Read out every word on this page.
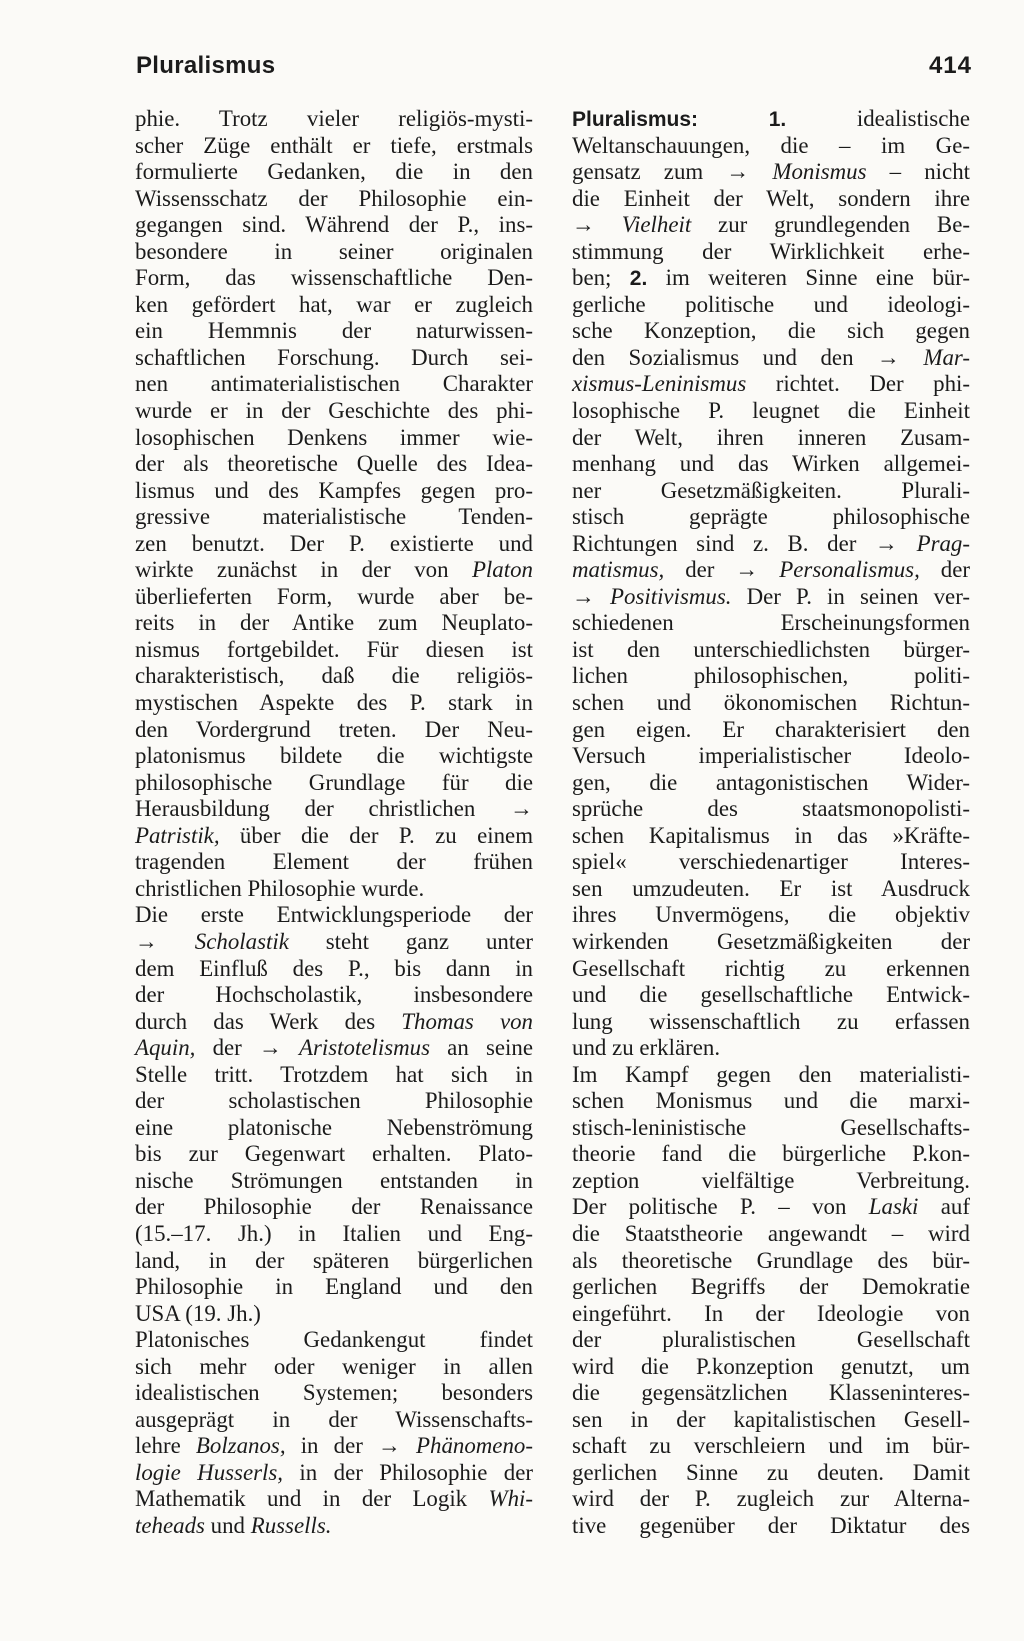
Pluralismus	414
phie. Trotz vieler religiös-mysti-
scher Züge enthält er tiefe, erstmals
formulierte Gedanken, die in den
Wissensschatz der Philosophie ein-
gegangen sind. Während der P., ins-
besondere in seiner originalen
Form, das wissenschaftliche Den-
ken gefördert hat, war er zugleich
ein Hemmnis der naturwissen-
schaftlichen Forschung. Durch sei-
nen antimaterialistischen Charakter
wurde er in der Geschichte des phi-
losophischen Denkens immer wie-
der als theoretische Quelle des Idea-
lismus und des Kampfes gegen pro-
gressive materialistische Tenden-
zen benutzt. Der P. existierte und
wirkte zunächst in der von Platon
überlieferten Form, wurde aber be-
reits in der Antike zum Neuplato-
nismus fortgebildet. Für diesen ist
charakteristisch, daß die religiös-
mystischen Aspekte des P. stark in
den Vordergrund treten. Der Neu-
platonismus bildete die wichtigste
philosophische Grundlage für die
Herausbildung der christlichen →
Patristik, über die der P. zu einem
tragenden Element der frühen
christlichen Philosophie wurde.
Die erste Entwicklungsperiode der
→ Scholastik steht ganz unter
dem Einfluß des P., bis dann in
der Hochscholastik, insbesondere
durch das Werk des Thomas von
Aquin, der → Aristotelismus an seine
Stelle tritt. Trotzdem hat sich in
der scholastischen Philosophie
eine platonische Nebenströmung
bis zur Gegenwart erhalten. Plato-
nische Strömungen entstanden in
der Philosophie der Renaissance
(15.–17. Jh.) in Italien und Eng-
land, in der späteren bürgerlichen
Philosophie in England und den
USA (19. Jh.)
Platonisches Gedankengut findet
sich mehr oder weniger in allen
idealistischen Systemen; besonders
ausgeprägt in der Wissenschafts-
lehre Bolzanos, in der → Phänomeno-
logie Husserls, in der Philosophie der
Mathematik und in der Logik Whi-
teheads und Russells.
Pluralismus:	1. idealistische
Weltanschauungen, die – im Ge-
gensatz zum → Monismus – nicht
die Einheit der Welt, sondern ihre
→ Vielheit zur grundlegenden Be-
stimmung der Wirklichkeit erhe-
ben; 2. im weiteren Sinne eine bür-
gerliche politische und ideologi-
sche Konzeption, die sich gegen
den Sozialismus und den → Mar-
xismus-Leninismus richtet. Der phi-
losophische P. leugnet die Einheit
der Welt, ihren inneren Zusam-
menhang und das Wirken allgemei-
ner Gesetzmäßigkeiten. Plurali-
stisch geprägte philosophische
Richtungen sind z. B. der → Prag-
matismus, der → Personalismus, der
→ Positivismus. Der P. in seinen ver-
schiedenen Erscheinungsformen
ist den unterschiedlichsten bürger-
lichen philosophischen, politi-
schen und ökonomischen Richtun-
gen eigen. Er charakterisiert den
Versuch imperialistischer Ideolo-
gen, die antagonistischen Wider-
sprüche des staatsmonopolisti-
schen Kapitalismus in das »Kräfte-
spiel« verschiedenartiger Interes-
sen umzudeuten. Er ist Ausdruck
ihres Unvermögens, die objektiv
wirkenden Gesetzmäßigkeiten der
Gesellschaft richtig zu erkennen
und die gesellschaftliche Entwick-
lung wissenschaftlich zu erfassen
und zu erklären.
Im Kampf gegen den materialisti-
schen Monismus und die marxi-
stisch-leninistische Gesellschafts-
theorie fand die bürgerliche P.kon-
zeption vielfältige Verbreitung.
Der politische P. – von Laski auf
die Staatstheorie angewandt – wird
als theoretische Grundlage des bür-
gerlichen Begriffs der Demokratie
eingeführt. In der Ideologie von
der pluralistischen Gesellschaft
wird die P.konzeption genutzt, um
die gegensätzlichen Klasseninteres-
sen in der kapitalistischen Gesell-
schaft zu verschleiern und im bür-
gerlichen Sinne zu deuten. Damit
wird der P. zugleich zur Alterna-
tive gegenüber der Diktatur des
